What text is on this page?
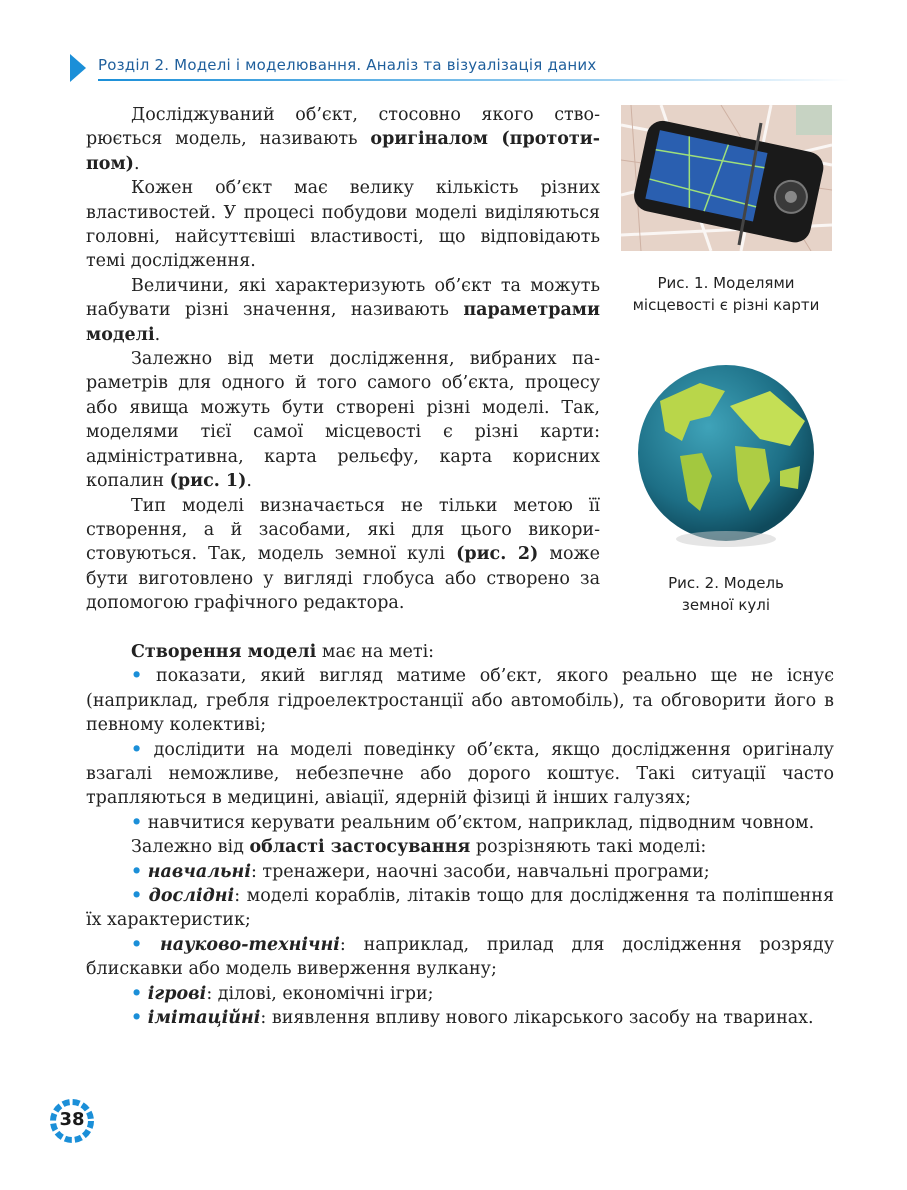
Розділ 2. Моделі і моделювання. Аналіз та візуалізація даних

Досліджуваний об’єкт, стосовно якого створюється модель, називають оригіналом (прототипом).

Кожен об’єкт має велику кількість різних властивостей. У процесі побудови моделі виділяються головні, найсуттєвіші властивості, що відповідають темі дослідження.

Величини, які характеризують об’єкт та можуть набувати різні значення, називають параметрами моделі.

Залежно від мети дослідження, вибраних параметрів для одного й того самого об’єкта, процесу або явища можуть бути створені різні моделі. Так, моделями тієї самої місцевості є різні карти: адміністративна, карта рельєфу, карта корисних копалин (рис. 1).

Тип моделі визначається не тільки метою її створення, а й засобами, які для цього використовуються. Так, модель земної кулі (рис. 2) може бути виготовлено у вигляді глобуса або створено за допомогою графічного редактора.

Створення моделі має на меті:

• показати, який вигляд матиме об’єкт, якого реально ще не існує (наприклад, гребля гідроелектростанції або автомобіль), та обговорити його в певному колективі;

• дослідити на моделі поведінку об’єкта, якщо дослідження оригіналу взагалі неможливе, небезпечне або дорого коштує. Такі ситуації часто трапляються в медицині, авіації, ядерній фізиці й інших галузях;

• навчитися керувати реальним об’єктом, наприклад, підводним човном.

Залежно від області застосування розрізняють такі моделі:

• навчальні: тренажери, наочні засоби, навчальні програми;

• дослідні: моделі кораблів, літаків тощо для дослідження та поліпшення їх характеристик;

• науково-технічні: наприклад, прилад для дослідження розряду блискавки або модель виверження вулкану;

• ігрові: ділові, економічні ігри;

• імітаційні: виявлення впливу нового лікарського засобу на тваринах.

Рис. 1. Моделями
місцевості є різні карти
Рис. 2. Модель
земної кулі
38
